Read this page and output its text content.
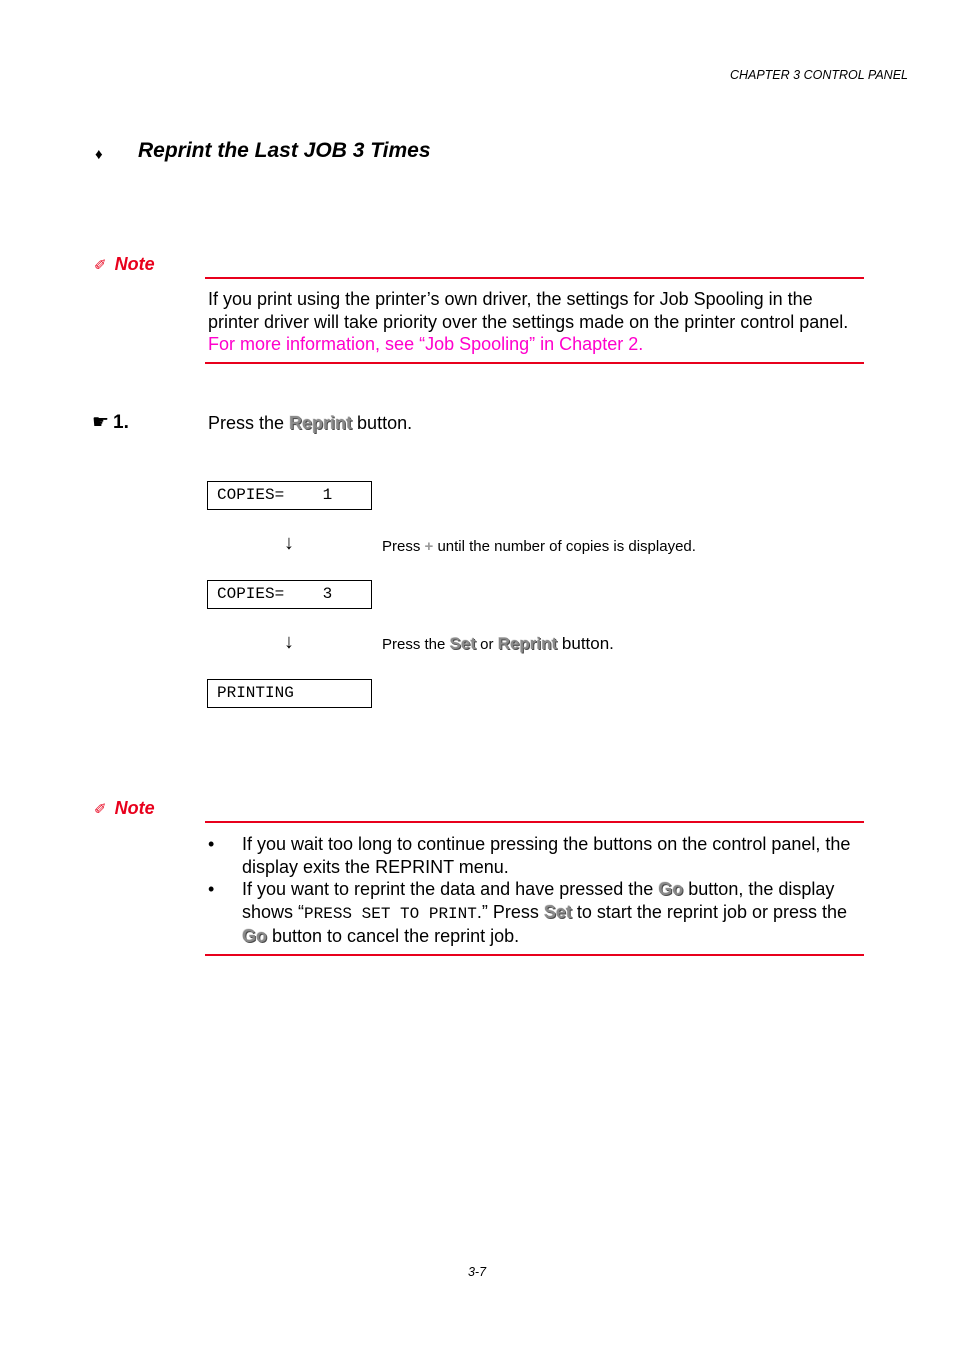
CHAPTER 3 CONTROL PANEL
♦ Reprint the Last JOB 3 Times
✐ Note
If you print using the printer’s own driver, the settings for Job Spooling in the printer driver will take priority over the settings made on the printer control panel. For more information, see “Job Spooling” in Chapter 2.
☛ 1.	Press the Reprint button.
COPIES=    1
↓	Press + until the number of copies is displayed.
COPIES=    3
↓	Press the Set or Reprint button.
PRINTING
✐ Note
• If you wait too long to continue pressing the buttons on the control panel, the display exits the REPRINT menu.
• If you want to reprint the data and have pressed the Go button, the display shows “PRESS SET TO PRINT.” Press Set to start the reprint job or press the Go button to cancel the reprint job.
3-7
